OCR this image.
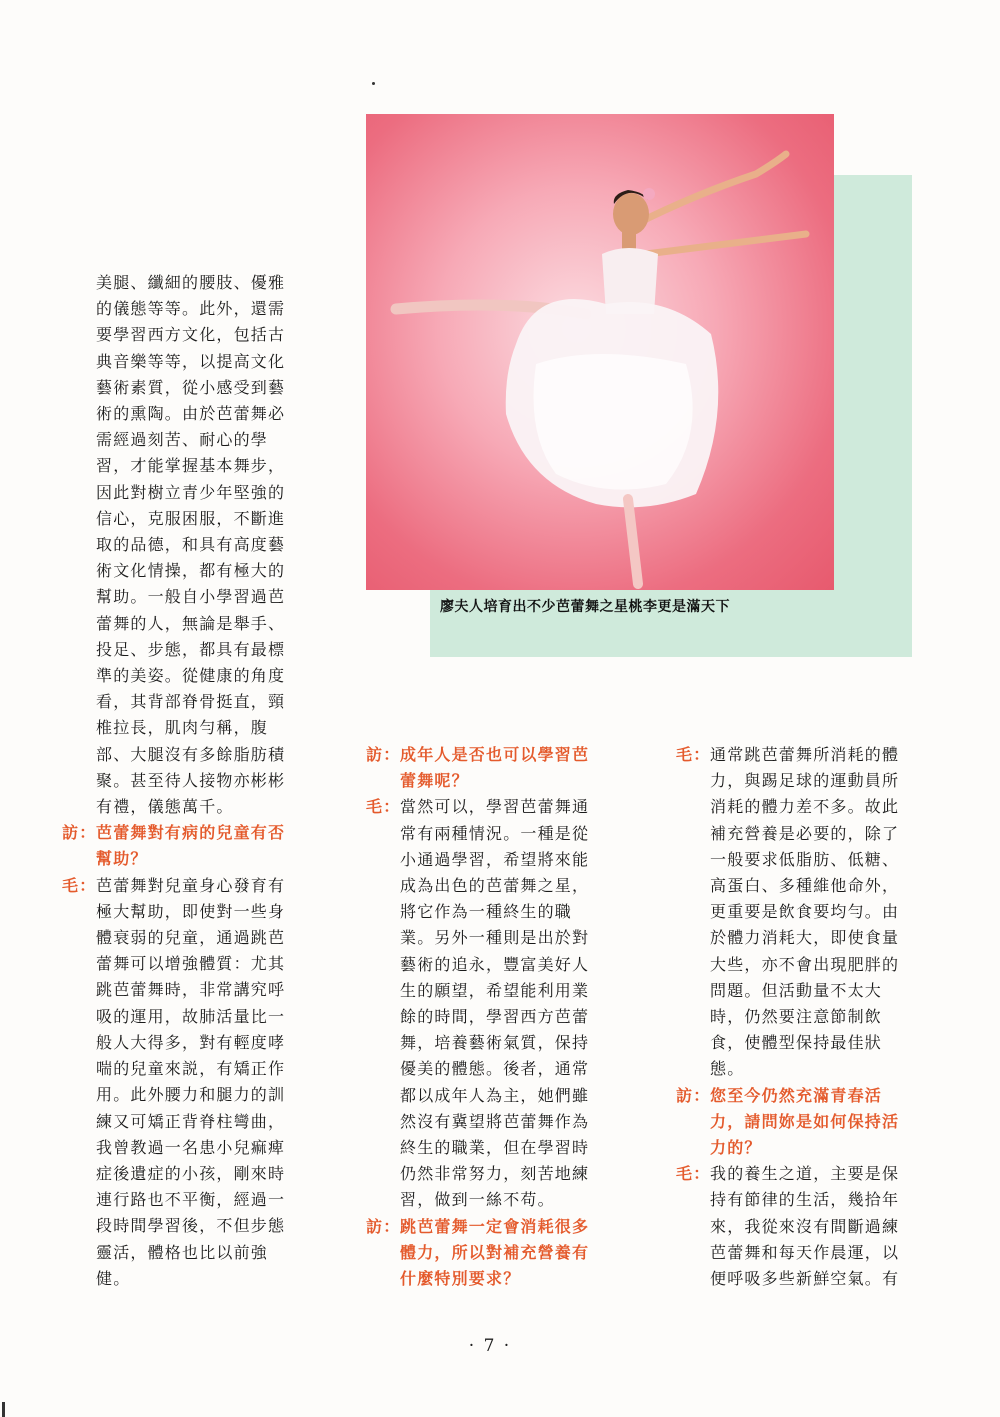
廖夫人培育出不少芭蕾舞之星桃李更是滿天下
美腿、纖細的腰肢、優雅
的儀態等等。此外，還需
要學習西方文化，包括古
典音樂等等，以提高文化
藝術素質，從小感受到藝
術的熏陶。由於芭蕾舞必
需經過刻苦、耐心的學
習，才能掌握基本舞步，
因此對樹立青少年堅強的
信心，克服困服，不斷進
取的品德，和具有高度藝
術文化情操，都有極大的
幫助。一般自小學習過芭
蕾舞的人，無論是舉手、
投足、步態，都具有最標
準的美姿。從健康的角度
看，其背部脊骨挺直，頸
椎拉長，肌肉勻稱，腹
部、大腿沒有多餘脂肪積
聚。甚至待人接物亦彬彬
有禮，儀態萬千。
訪： 芭蕾舞對有病的兒童有否
幫助？
毛： 芭蕾舞對兒童身心發育有
極大幫助，即使對一些身
體衰弱的兒童，通過跳芭
蕾舞可以增強體質：尤其
跳芭蕾舞時，非常講究呼
吸的運用，故肺活量比一
般人大得多，對有輕度哮
喘的兒童來説，有矯正作
用。此外腰力和腿力的訓
練又可矯正背脊柱彎曲，
我曾教過一名患小兒痲痺
症後遺症的小孩，剛來時
連行路也不平衡，經過一
段時間學習後，不但步態
靈活，體格也比以前強
健。
訪： 成年人是否也可以學習芭
蕾舞呢？
毛： 當然可以，學習芭蕾舞通
常有兩種情況。一種是從
小通過學習，希望將來能
成為出色的芭蕾舞之星，
將它作為一種終生的職
業。另外一種則是出於對
藝術的追永，豐富美好人
生的願望，希望能利用業
餘的時間，學習西方芭蕾
舞，培養藝術氣質，保持
優美的體態。後者，通常
都以成年人為主，她們雖
然沒有冀望將芭蕾舞作為
終生的職業，但在學習時
仍然非常努力，刻苦地練
習，做到一絲不苟。
訪： 跳芭蕾舞一定會消耗很多
體力，所以對補充營養有
什麼特別要求？
毛： 通常跳芭蕾舞所消耗的體
力，與踢足球的運動員所
消耗的體力差不多。故此
補充營養是必要的，除了
一般要求低脂肪、低糖、
高蛋白、多種維他命外，
更重要是飲食要均勻。由
於體力消耗大，即使食量
大些，亦不會出現肥胖的
問題。但活動量不太大
時，仍然要注意節制飲
食，使體型保持最佳狀
態。
訪： 您至今仍然充滿青春活
力，請問妳是如何保持活
力的？
毛： 我的養生之道，主要是保
持有節律的生活，幾拾年
來，我從來沒有間斷過練
芭蕾舞和每天作晨運，以
便呼吸多些新鮮空氣。有
· 7 ·
